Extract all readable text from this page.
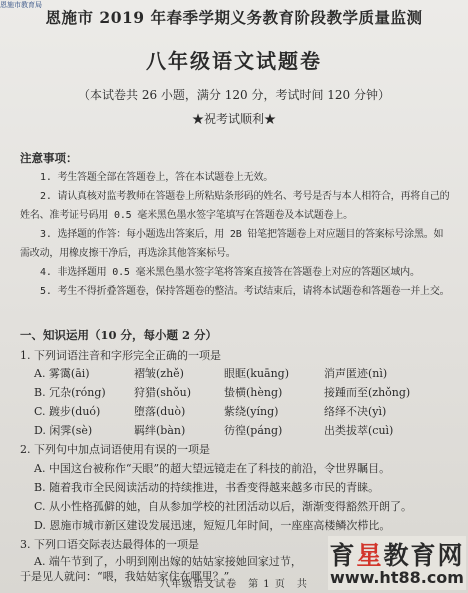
恩施市教育局
恩施市 2019 年春季学期义务教育阶段教学质量监测
八年级语文试题卷
（本试卷共 26 小题，满分 120 分，考试时间 120 分钟）
★祝考试顺利★
注意事项：
1. 考生答题全部在答题卷上，答在本试题卷上无效。
2. 请认真核对监考教师在答题卷上所粘贴条形码的姓名、考号是否与本人相符合，再将自己的姓名、准考证号码用 0.5 毫米黑色墨水签字笔填写在答题卷及本试题卷上。
3. 选择题的作答：每小题选出答案后，用 2B 铅笔把答题卷上对应题目的答案标号涂黑。如需改动，用橡皮擦干净后，再选涂其他答案标号。
4. 非选择题用 0.5 毫米黑色墨水签字笔将答案直接答在答题卷上对应的答题区域内。
5. 考生不得折叠答题卷，保持答题卷的整洁。考试结束后，请将本试题卷和答题卷一并上交。
一、知识运用（10 分，每小题 2 分）
1. 下列词语注音和字形完全正确的一项是
A. 雾霭(āi)	褶皱(zhě)	眼眶(kuāng)	消声匿迹(nì)
B. 冗杂(róng)	狩猎(shǒu)	蛰横(hèng)	接踵而至(zhǒng)
C. 踱步(duó)	堕落(duò)	紫绕(yíng)	络绎不决(yì)
D. 闲霁(sè)	羁绊(bàn)	彷徨(páng)	出类拔萃(cuì)
2. 下列句中加点词语使用有误的一项是
A. 中国这台被称作“天眼”的超大望远镜走在了科技的前沿，令世界瞩目。
B. 随着我市全民阅读活动的持续推进，书香变得越来越多市民的青睐。
C. 从小性格孤僻的她，自从参加学校的社团活动以后，渐渐变得豁然开朗了。
D. 恩施市城市新区建设发展迅速，短短几年时间，一座座高楼鳞次栉比。
3. 下列口语交际表达最得体的一项是
A. 端午节到了，小明到刚出嫁的姑姑家接她回家过节，
于是见人就问：“喂，我姑姑家住在哪里？”
八年级语文试卷　第 1 页　共
育星教育网
www.ht88.com
